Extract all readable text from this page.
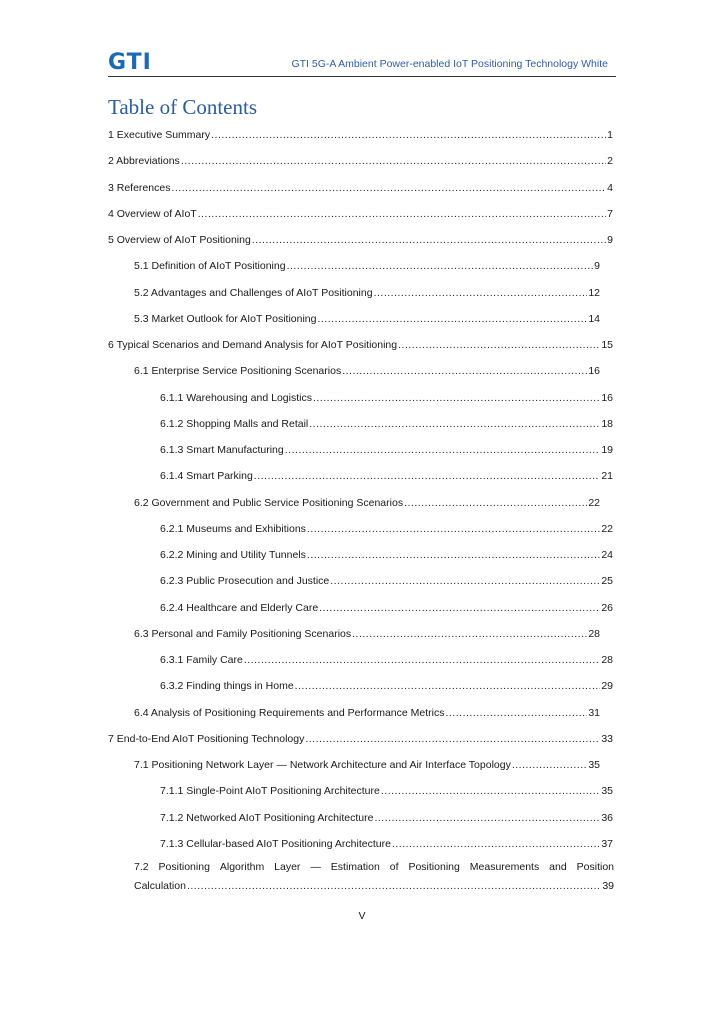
GTI	GTI 5G-A Ambient Power-enabled IoT Positioning Technology White
Table of Contents
1 Executive Summary .....	1
2 Abbreviations .....	2
3 References .....	4
4 Overview of AIoT .....	7
5 Overview of AIoT Positioning .....	9
5.1 Definition of AIoT Positioning .....	9
5.2 Advantages and Challenges of AIoT Positioning .....	12
5.3 Market Outlook for AIoT Positioning .....	14
6 Typical Scenarios and Demand Analysis for AIoT Positioning .....	15
6.1 Enterprise Service Positioning Scenarios .....	16
6.1.1 Warehousing and Logistics .....	16
6.1.2 Shopping Malls and Retail .....	18
6.1.3 Smart Manufacturing .....	19
6.1.4 Smart Parking .....	21
6.2 Government and Public Service Positioning Scenarios .....	22
6.2.1 Museums and Exhibitions .....	22
6.2.2 Mining and Utility Tunnels .....	24
6.2.3 Public Prosecution and Justice .....	25
6.2.4 Healthcare and Elderly Care .....	26
6.3 Personal and Family Positioning Scenarios .....	28
6.3.1 Family Care .....	28
6.3.2 Finding things in Home .....	29
6.4 Analysis of Positioning Requirements and Performance Metrics .....	31
7 End-to-End AIoT Positioning Technology .....	33
7.1 Positioning Network Layer — Network Architecture and Air Interface Topology .....	35
7.1.1 Single-Point AIoT Positioning Architecture .....	35
7.1.2 Networked AIoT Positioning Architecture .....	36
7.1.3 Cellular-based AIoT Positioning Architecture .....	37
7.2 Positioning Algorithm Layer — Estimation of Positioning Measurements and Position
Calculation .....	39
V
